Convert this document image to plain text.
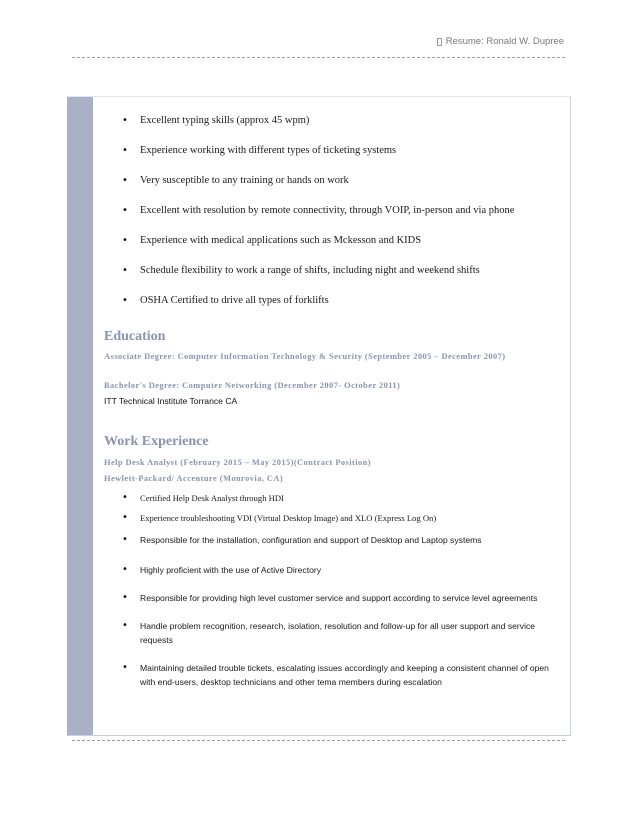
Resume: Ronald W. Dupree
• Excellent typing skills (approx 45 wpm)
• Experience working with different types of ticketing systems
• Very susceptible to any training or hands on work
• Excellent with resolution by remote connectivity, through VOIP, in-person and via phone
• Experience with medical applications such as Mckesson and KIDS
• Schedule flexibility to work a range of shifts, including night and weekend shifts
• OSHA Certified to drive all types of forklifts
Education
Associate Degree: Computer Information Technology & Security (September 2005 – December 2007)
Bachelor's Degree: Computer Networking (December 2007- October 2011)
ITT Technical Institute Torrance CA
Work Experience
Help Desk Analyst (February 2015 – May 2015)(Contract Position)
Hewlett-Packard/ Accenture (Monrovia, CA)
• Certified Help Desk Analyst through HDI
• Experience troubleshooting VDI (Virtual Desktop Image) and XLO (Express Log On)
• Responsible for the installation, configuration and support of Desktop and Laptop systems
• Highly proficient with the use of Active Directory
• Responsible for providing high level customer service and support according to service level agreements
• Handle problem recognition, research, isolation, resolution and follow-up for all user support and service requests
• Maintaining detailed trouble tickets, escalating issues accordingly and keeping a consistent channel of open with end-users, desktop technicians and other tema members during escalation
